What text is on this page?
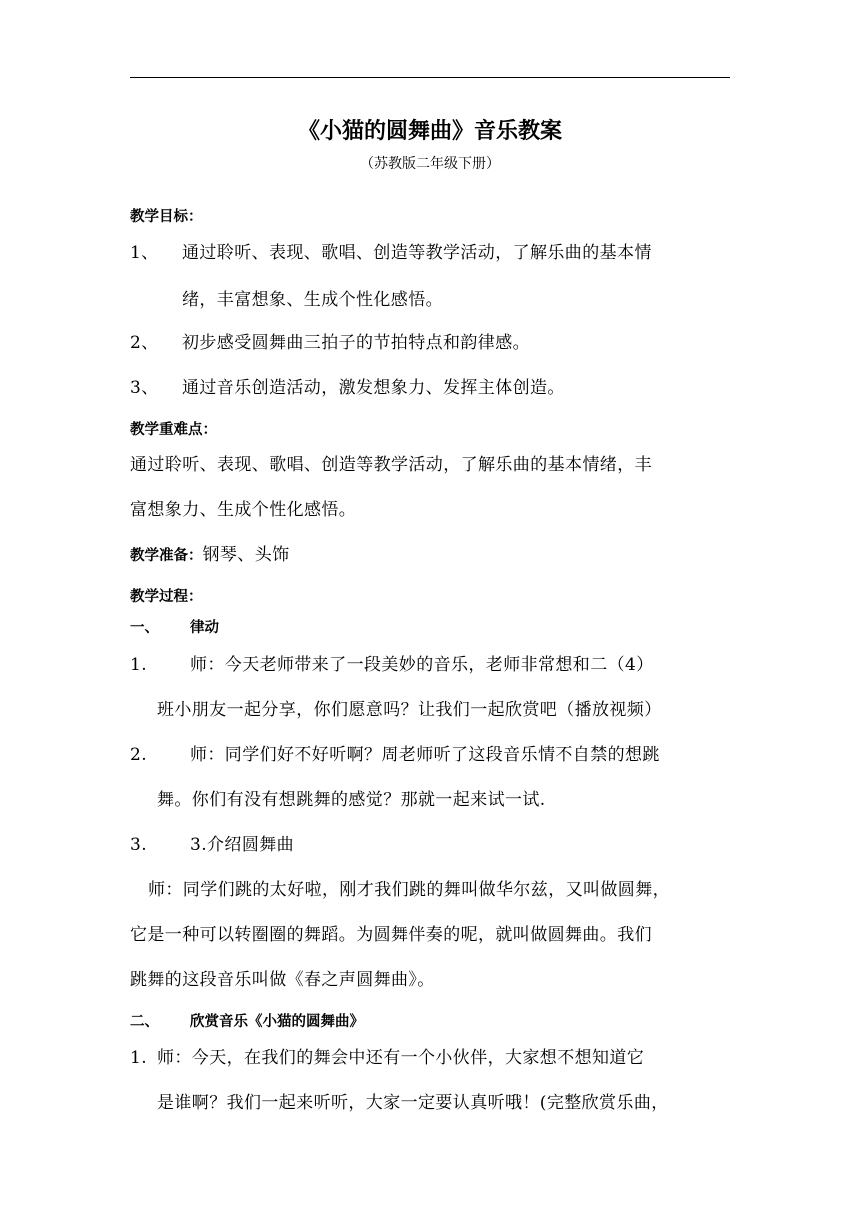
《小猫的圆舞曲》音乐教案
（苏教版二年级下册）
教学目标：
1、 通过聆听、表现、歌唱、创造等教学活动，了解乐曲的基本情
绪，丰富想象、生成个性化感悟。
2、 初步感受圆舞曲三拍子的节拍特点和韵律感。
3、 通过音乐创造活动，激发想象力、发挥主体创造。
教学重难点：
通过聆听、表现、歌唱、创造等教学活动，了解乐曲的基本情绪，丰
富想象力、生成个性化感悟。
教学准备：钢琴、头饰
教学过程：
一、 律动
1.	师：今天老师带来了一段美妙的音乐，老师非常想和二（4）
班小朋友一起分享，你们愿意吗？让我们一起欣赏吧（播放视频）
2.	师：同学们好不好听啊？周老师听了这段音乐情不自禁的想跳
舞。你们有没有想跳舞的感觉？那就一起来试一试.
3.	3.介绍圆舞曲
师：同学们跳的太好啦，刚才我们跳的舞叫做华尔兹，又叫做圆舞，
它是一种可以转圈圈的舞蹈。为圆舞伴奏的呢，就叫做圆舞曲。我们
跳舞的这段音乐叫做《春之声圆舞曲》。
二、 欣赏音乐《小猫的圆舞曲》
1. 师：今天，在我们的舞会中还有一个小伙伴，大家想不想知道它
是谁啊？我们一起来听听，大家一定要认真听哦！(完整欣赏乐曲，
